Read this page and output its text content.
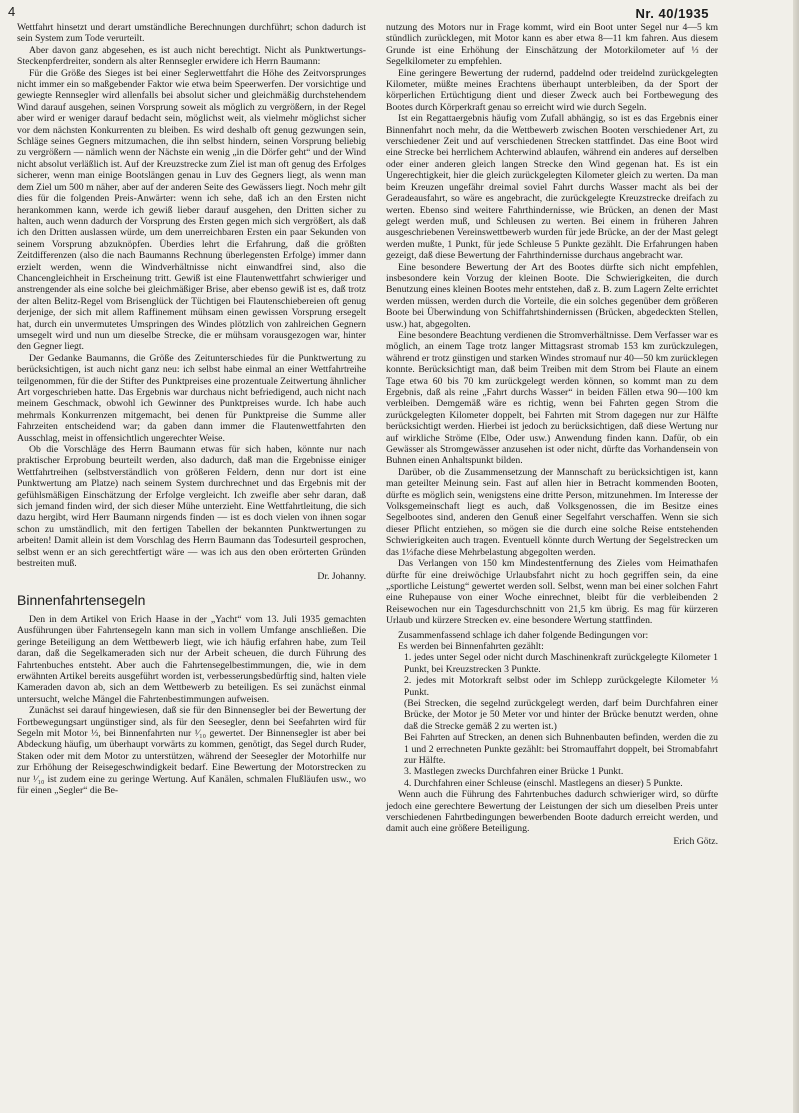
4	Nr. 40/1935

Wettfahrt hinsetzt und derart umständliche Berechnungen durchführt; schon dadurch ist sein System zum Tode verurteilt.

Aber davon ganz abgesehen, es ist auch nicht berechtigt. Nicht als Punktwertungs-Steckenpferdreiter, sondern als alter Rennsegler erwidere ich Herrn Baumann:

Für die Größe des Sieges ist bei einer Seglerwettfahrt die Höhe des Zeitvorsprunges nicht immer ein so maßgebender Faktor wie etwa beim Speerwerfen. Der vorsichtige und gewiegte Rennsegler wird allenfalls bei absolut sicher und gleichmäßig durchstehendem Wind darauf ausgehen, seinen Vorsprung soweit als möglich zu vergrößern, in der Regel aber wird er weniger darauf bedacht sein, möglichst weit, als vielmehr möglichst sicher vor dem nächsten Konkurrenten zu bleiben. Es wird deshalb oft genug gezwungen sein, Schläge seines Gegners mitzumachen, die ihn selbst hindern, seinen Vorsprung beliebig zu vergrößern — nämlich wenn der Nächste ein wenig „in die Dörfer geht“ und der Wind nicht absolut verläßlich ist. Auf der Kreuzstrecke zum Ziel ist man oft genug des Erfolges sicherer, wenn man einige Bootslängen genau in Luv des Gegners liegt, als wenn man dem Ziel um 500 m näher, aber auf der anderen Seite des Gewässers liegt. Noch mehr gilt dies für die folgenden Preis-Anwärter: wenn ich sehe, daß ich an den Ersten nicht herankommen kann, werde ich gewiß lieber darauf ausgehen, den Dritten sicher zu halten, auch wenn dadurch der Vorsprung des Ersten gegen mich sich vergrößert, als daß ich den Dritten auslassen würde, um dem unerreichbaren Ersten ein paar Sekunden von seinem Vorsprung abzuknöpfen. Überdies lehrt die Erfahrung, daß die größten Zeitdifferenzen (also die nach Baumanns Rechnung überlegensten Erfolge) immer dann erzielt werden, wenn die Windverhältnisse nicht einwandfrei sind, also die Chancengleichheit in Erscheinung tritt. Gewiß ist eine Flautenwettfahrt schwieriger und anstrengender als eine solche bei gleichmäßiger Brise, aber ebenso gewiß ist es, daß trotz der alten Belitz-Regel vom Brisenglück der Tüchtigen bei Flautenschiebereien oft genug derjenige, der sich mit allem Raffinement mühsam einen gewissen Vorsprung ersegelt hat, durch ein unvermutetes Umspringen des Windes plötzlich von zahlreichen Gegnern umsegelt wird und nun um dieselbe Strecke, die er mühsam vorausgezogen war, hinter den Gegner liegt.

Der Gedanke Baumanns, die Größe des Zeitunterschiedes für die Punktwertung zu berücksichtigen, ist auch nicht ganz neu: ich selbst habe einmal an einer Wettfahrtreihe teilgenommen, für die der Stifter des Punktpreises eine prozentuale Zeitwertung ähnlicher Art vorgeschrieben hatte. Das Ergebnis war durchaus nicht befriedigend, auch nicht nach meinem Geschmack, obwohl ich Gewinner des Punktpreises wurde. Ich habe auch mehrmals Konkurrenzen mitgemacht, bei denen für Punktpreise die Summe aller Fahrzeiten entscheidend war; da gaben dann immer die Flautenwettfahrten den Ausschlag, meist in offensichtlich ungerechter Weise.

Ob die Vorschläge des Herrn Baumann etwas für sich haben, könnte nur nach praktischer Erprobung beurteilt werden, also dadurch, daß man die Ergebnisse einiger Wettfahrtreihen (selbstverständlich von größeren Feldern, denn nur dort ist eine Punktwertung am Platze) nach seinem System durchrechnet und das Ergebnis mit der gefühlsmäßigen Einschätzung der Erfolge vergleicht. Ich zweifle aber sehr daran, daß sich jemand finden wird, der sich dieser Mühe unterzieht. Eine Wettfahrtleitung, die sich dazu hergibt, wird Herr Baumann nirgends finden — ist es doch vielen von ihnen sogar schon zu umständlich, mit den fertigen Tabellen der bekannten Punktwertungen zu arbeiten! Damit allein ist dem Vorschlag des Herrn Baumann das Todesurteil gesprochen, selbst wenn er an sich gerechtfertigt wäre — was ich aus den oben erörterten Gründen bestreiten muß.

Dr. Johanny.

Binnenfahrtensegeln

Den in dem Artikel von Erich Haase in der „Yacht“ vom 13. Juli 1935 gemachten Ausführungen über Fahrtensegeln kann man sich in vollem Umfange anschließen. Die geringe Beteiligung an dem Wettbewerb liegt, wie ich häufig erfahren habe, zum Teil daran, daß die Segelkameraden sich nur der Arbeit scheuen, die durch Führung des Fahrtenbuches entsteht. Aber auch die Fahrtensegelbestimmungen, die, wie in dem erwähnten Artikel bereits ausgeführt worden ist, verbesserungsbedürftig sind, halten viele Kameraden davon ab, sich an dem Wettbewerb zu beteiligen. Es sei zunächst einmal untersucht, welche Mängel die Fahrtenbestimmungen aufweisen.

Zunächst sei darauf hingewiesen, daß sie für den Binnensegler bei der Bewertung der Fortbewegungsart ungünstiger sind, als für den Seesegler, denn bei Seefahrten wird für Segeln mit Motor ⅓, bei Binnenfahrten nur ¹⁄₁₀ gewertet. Der Binnensegler ist aber bei Abdeckung häufig, um überhaupt vorwärts zu kommen, genötigt, das Segel durch Ruder, Staken oder mit dem Motor zu unterstützen, während der Seesegler der Motorhilfe nur zur Erhöhung der Reisegeschwindigkeit bedarf. Eine Bewertung der Motorstrecken zu nur ¹⁄₁₀ ist zudem eine zu geringe Wertung. Auf Kanälen, schmalen Flußläufen usw., wo für einen „Segler“ die Be-

nutzung des Motors nur in Frage kommt, wird ein Boot unter Segel nur 4—5 km stündlich zurücklegen, mit Motor kann es aber etwa 8—11 km fahren. Aus diesem Grunde ist eine Erhöhung der Einschätzung der Motorkilometer auf ⅓ der Segelkilometer zu empfehlen.

Eine geringere Bewertung der rudernd, paddelnd oder treidelnd zurückgelegten Kilometer, müßte meines Erachtens überhaupt unterbleiben, da der Sport der körperlichen Ertüchtigung dient und dieser Zweck auch bei Fortbewegung des Bootes durch Körperkraft genau so erreicht wird wie durch Segeln.

Ist ein Regattaergebnis häufig vom Zufall abhängig, so ist es das Ergebnis einer Binnenfahrt noch mehr, da die Wettbewerb zwischen Booten verschiedener Art, zu verschiedener Zeit und auf verschiedenen Strecken stattfindet. Das eine Boot wird eine Strecke bei herrlichem Achterwind ablaufen, während ein anderes auf derselben oder einer anderen gleich langen Strecke den Wind gegenan hat. Es ist ein Ungerechtigkeit, hier die gleich zurückgelegten Kilometer gleich zu werten. Da man beim Kreuzen ungefähr dreimal soviel Fahrt durchs Wasser macht als bei der Geradeausfahrt, so wäre es angebracht, die zurückgelegte Kreuzstrecke dreifach zu werten. Ebenso sind weitere Fahrthindernisse, wie Brücken, an denen der Mast gelegt werden muß, und Schleusen zu werten. Bei einem in früheren Jahren ausgeschriebenen Vereinswettbewerb wurden für jede Brücke, an der der Mast gelegt werden mußte, 1 Punkt, für jede Schleuse 5 Punkte gezählt. Die Erfahrungen haben gezeigt, daß diese Bewertung der Fahrthindernisse durchaus angebracht war.

Eine besondere Bewertung der Art des Bootes dürfte sich nicht empfehlen, insbesondere kein Vorzug der kleinen Boote. Die Schwierigkeiten, die durch Benutzung eines kleinen Bootes mehr entstehen, daß z. B. zum Lagern Zelte errichtet werden müssen, werden durch die Vorteile, die ein solches gegenüber dem größeren Boote bei Überwindung von Schiffahrtshindernissen (Brücken, abgedeckten Stellen, usw.) hat, abgegolten.

Eine besondere Beachtung verdienen die Stromverhältnisse. Dem Verfasser war es möglich, an einem Tage trotz langer Mittagsrast stromab 153 km zurückzulegen, während er trotz günstigen und starken Windes stromauf nur 40—50 km zurücklegen konnte. Berücksichtigt man, daß beim Treiben mit dem Strom bei Flaute an einem Tage etwa 60 bis 70 km zurückgelegt werden können, so kommt man zu dem Ergebnis, daß als reine „Fahrt durchs Wasser“ in beiden Fällen etwa 90—100 km verbleiben. Demgemäß wäre es richtig, wenn bei Fahrten gegen Strom die zurückgelegten Kilometer doppelt, bei Fahrten mit Strom dagegen nur zur Hälfte berücksichtigt werden. Hierbei ist jedoch zu berücksichtigen, daß diese Wertung nur auf wirkliche Ströme (Elbe, Oder usw.) Anwendung finden kann. Dafür, ob ein Gewässer als Stromgewässer anzusehen ist oder nicht, dürfte das Vorhandensein von Buhnen einen Anhaltspunkt bilden.

Darüber, ob die Zusammensetzung der Mannschaft zu berücksichtigen ist, kann man geteilter Meinung sein. Fast auf allen hier in Betracht kommenden Booten, dürfte es möglich sein, wenigstens eine dritte Person, mitzunehmen. Im Interesse der Volksgemeinschaft liegt es auch, daß Volksgenossen, die im Besitze eines Segelbootes sind, anderen den Genuß einer Segelfahrt verschaffen. Wenn sie sich dieser Pflicht entziehen, so mögen sie die durch eine solche Reise entstehenden Schwierigkeiten auch tragen. Eventuell könnte durch Wertung der Segelstrecken um das 1⅓fache diese Mehrbelastung abgegolten werden.

Das Verlangen von 150 km Mindestentfernung des Zieles vom Heimathafen dürfte für eine dreiwöchige Urlaubsfahrt nicht zu hoch gegriffen sein, da eine „sportliche Leistung“ gewertet werden soll. Selbst, wenn man bei einer solchen Fahrt eine Ruhepause von einer Woche einrechnet, bleibt für die verbleibenden 2 Reisewochen nur ein Tagesdurchschnitt von 21,5 km übrig. Es mag für kürzeren Urlaub und kürzere Strecken ev. eine besondere Wertung stattfinden.

Zusammenfassend schlage ich daher folgende Bedingungen vor:

Es werden bei Binnenfahrten gezählt:

1. jedes unter Segel oder nicht durch Maschinenkraft zurückgelegte Kilometer 1 Punkt, bei Kreuzstrecken 3 Punkte.

2. jedes mit Motorkraft selbst oder im Schlepp zurückgelegte Kilometer ⅓ Punkt.

(Bei Strecken, die segelnd zurückgelegt werden, darf beim Durchfahren einer Brücke, der Motor je 50 Meter vor und hinter der Brücke benutzt werden, ohne daß die Strecke gemäß 2 zu werten ist.)

Bei Fahrten auf Strecken, an denen sich Buhnenbauten befinden, werden die zu 1 und 2 errechneten Punkte gezählt: bei Stromauffahrt doppelt, bei Stromabfahrt zur Hälfte.

3. Mastlegen zwecks Durchfahren einer Brücke 1 Punkt.

4. Durchfahren einer Schleuse (einschl. Mastlegens an dieser) 5 Punkte.

Wenn auch die Führung des Fahrtenbuches dadurch schwieriger wird, so dürfte jedoch eine gerechtere Bewertung der Leistungen der sich um dieselben Preis unter verschiedenen Fahrtbedingungen bewerbenden Boote dadurch erreicht werden, und damit auch eine größere Beteiligung.

Erich Götz.
